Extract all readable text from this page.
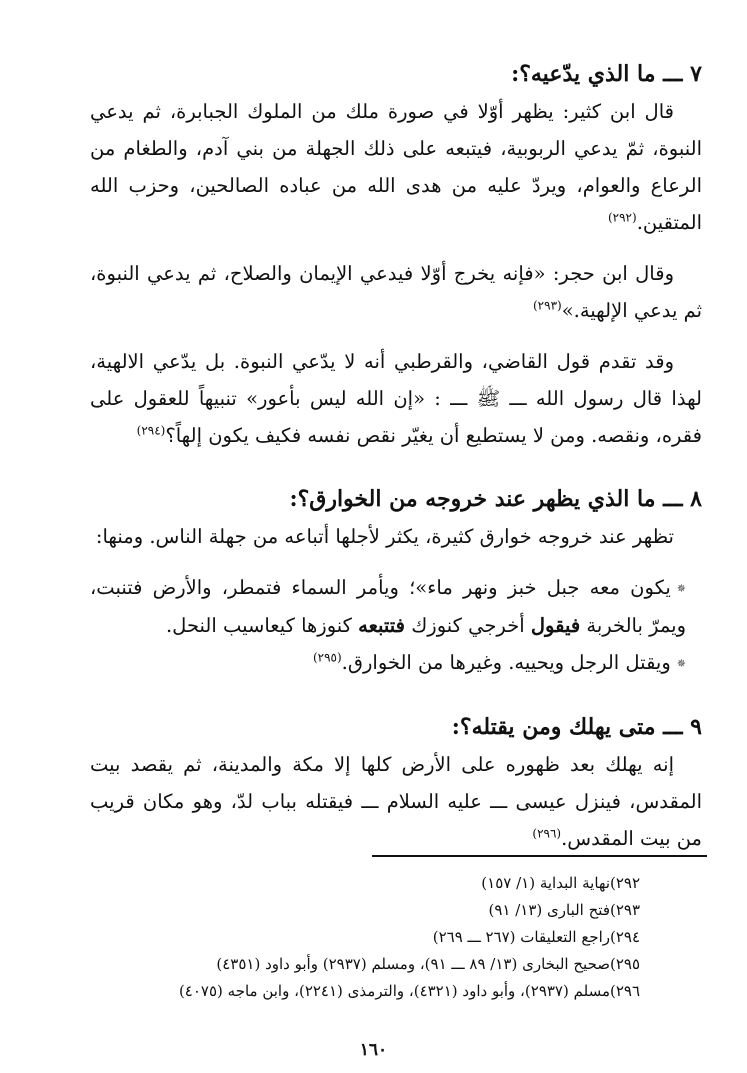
٧ ـــ ما الذي يدّعيه؟:

قال ابن كثير: يظهر أوّلا في صورة ملك من الملوك الجبابرة، ثم يدعي النبوة، ثمّ يدعي الربوبية، فيتبعه على ذلك الجهلة من بني آدم، والطغام من الرعاع والعوام، ويردّ عليه من هدى الله من عباده الصالحين، وحزب الله المتقين.$^{(٢٩٢)}$

وقال ابن حجر: «فإنه يخرج أوّلا فيدعي الإيمان والصلاح، ثم يدعي النبوة، ثم يدعي الإلهية.»$^{(٢٩٣)}$

وقد تقدم قول القاضي، والقرطبي أنه لا يدّعي النبوة. بل يدّعي الالهية، لهذا قال رسول الله ـــ ﷺ ـــ : «إن الله ليس بأعور» تنبيهاً للعقول على فقره، ونقصه. ومن لا يستطيع أن يغيّر نقص نفسه فكيف يكون إلهاً؟$^{(٢٩٤)}$

٨ ـــ ما الذي يظهر عند خروجه من الخوارق؟:

تظهر عند خروجه خوارق كثيرة، يكثر لأجلها أتباعه من جهلة الناس. ومنها:

✵يكون معه جبل خبز ونهر ماء»؛ ويأمر السماء فتمطر، والأرض فتنبت، ويمرّ بالخربة فيقول أخرجي كنوزك فتتبعه كنوزها كيعاسيب النحل.

✵ويقتل الرجل ويحييه. وغيرها من الخوارق.$^{(٢٩٥)}$

٩ ـــ متى يهلك ومن يقتله؟:

إنه يهلك بعد ظهوره على الأرض كلها إلا مكة والمدينة، ثم يقصد بيت المقدس، فينزل عيسى ـــ عليه السلام ـــ فيقتله بباب لدّ، وهو مكان قريب من بيت المقدس.$^{(٢٩٦)}$

٢٩٢)نهاية البداية (١/ ١٥٧)

٢٩٣)فتح البارى (١٣/ ٩١)

٢٩٤)راجع التعليقات (٢٦٧ ـــ ٢٦٩)

٢٩٥)صحيح البخارى (١٣/ ٨٩ ـــ ٩١)، ومسلم (٢٩٣٧) وأبو داود (٤٣٥١)

٢٩٦)مسلم (٢٩٣٧)، وأبو داود (٤٣٢١)، والترمذى (٢٢٤١)، وابن ماجه (٤٠٧٥)

١٦٠
